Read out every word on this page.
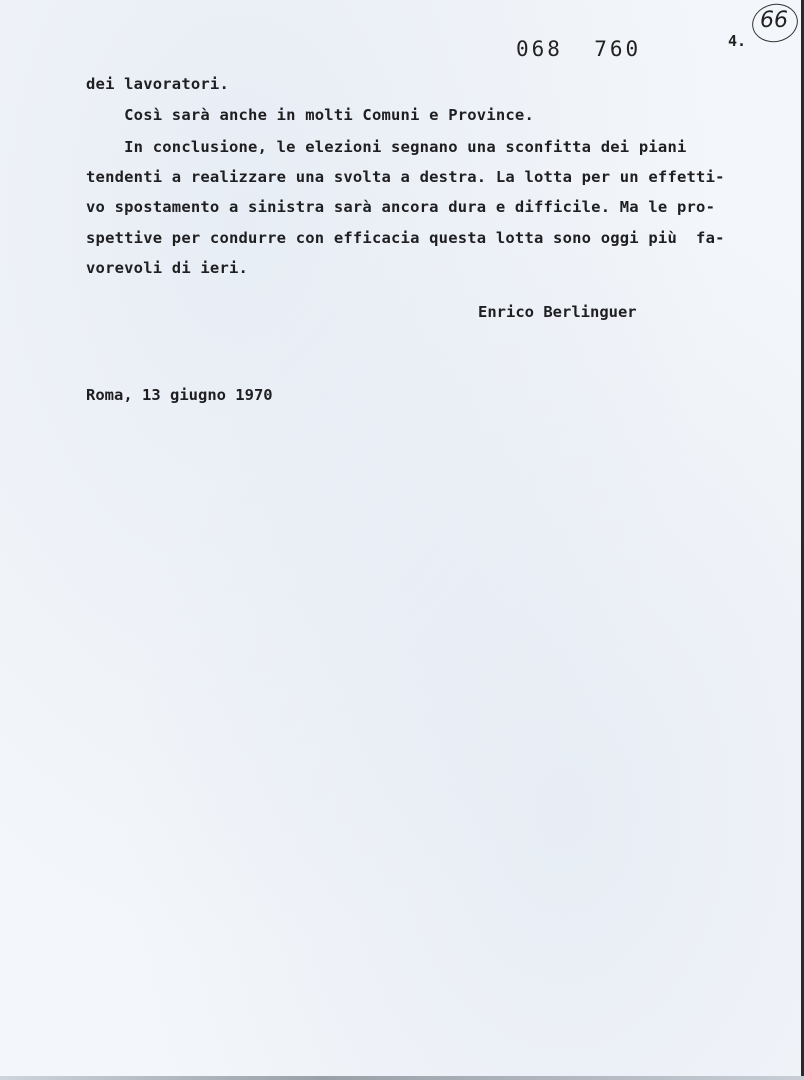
068  760	4.
66
dei lavoratori.
Così sarà anche in molti Comuni e Province.
In conclusione, le elezioni segnano una sconfitta dei piani
tendenti a realizzare una svolta a destra. La lotta per un effetti-
vo spostamento a sinistra sarà ancora dura e difficile. Ma le pro-
spettive per condurre con efficacia questa lotta sono oggi più  fa-
vorevoli di ieri.
Enrico Berlinguer
Roma, 13 giugno 1970
